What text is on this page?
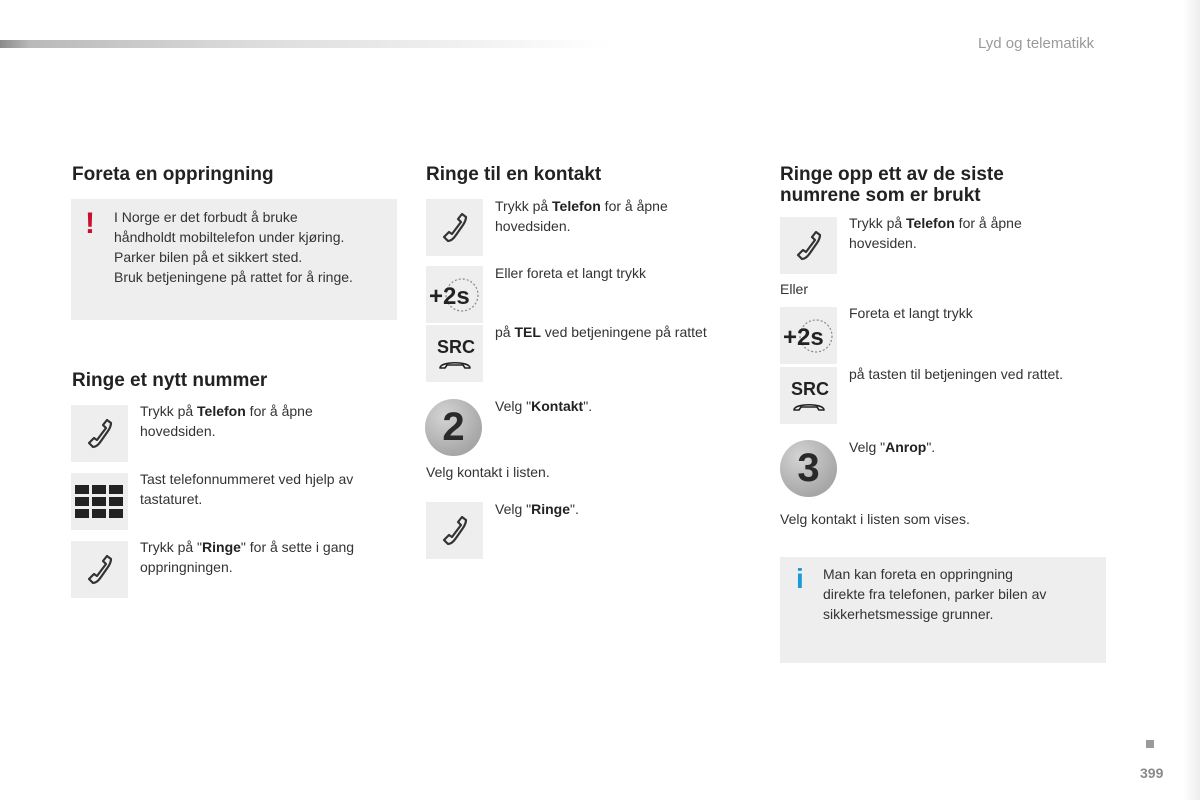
Lyd og telematikk
Foreta en oppringning
! I Norge er det forbudt å bruke
håndholdt mobiltelefon under kjøring.
Parker bilen på et sikkert sted.
Bruk betjeningene på rattet for å ringe.
Ringe et nytt nummer
Trykk på Telefon for å åpne
hovedsiden.
Tast telefonnummeret ved hjelp av
tastaturet.
Trykk på "Ringe" for å sette i gang
oppringningen.
Ringe til en kontakt
Trykk på Telefon for å åpne
hovedsiden.
+2s
Eller foreta et langt trykk
SRC
på TEL ved betjeningene på rattet
2	Velg "Kontakt".
Velg kontakt i listen.
Velg "Ringe".
Ringe opp ett av de siste
numrene som er brukt
Trykk på Telefon for å åpne
hovesiden.
Eller
+2s
Foreta et langt trykk
SRC
på tasten til betjeningen ved rattet.
3	Velg "Anrop".
Velg kontakt i listen som vises.
i Man kan foreta en oppringning
direkte fra telefonen, parker bilen av
sikkerhetsmessige grunner.
399
